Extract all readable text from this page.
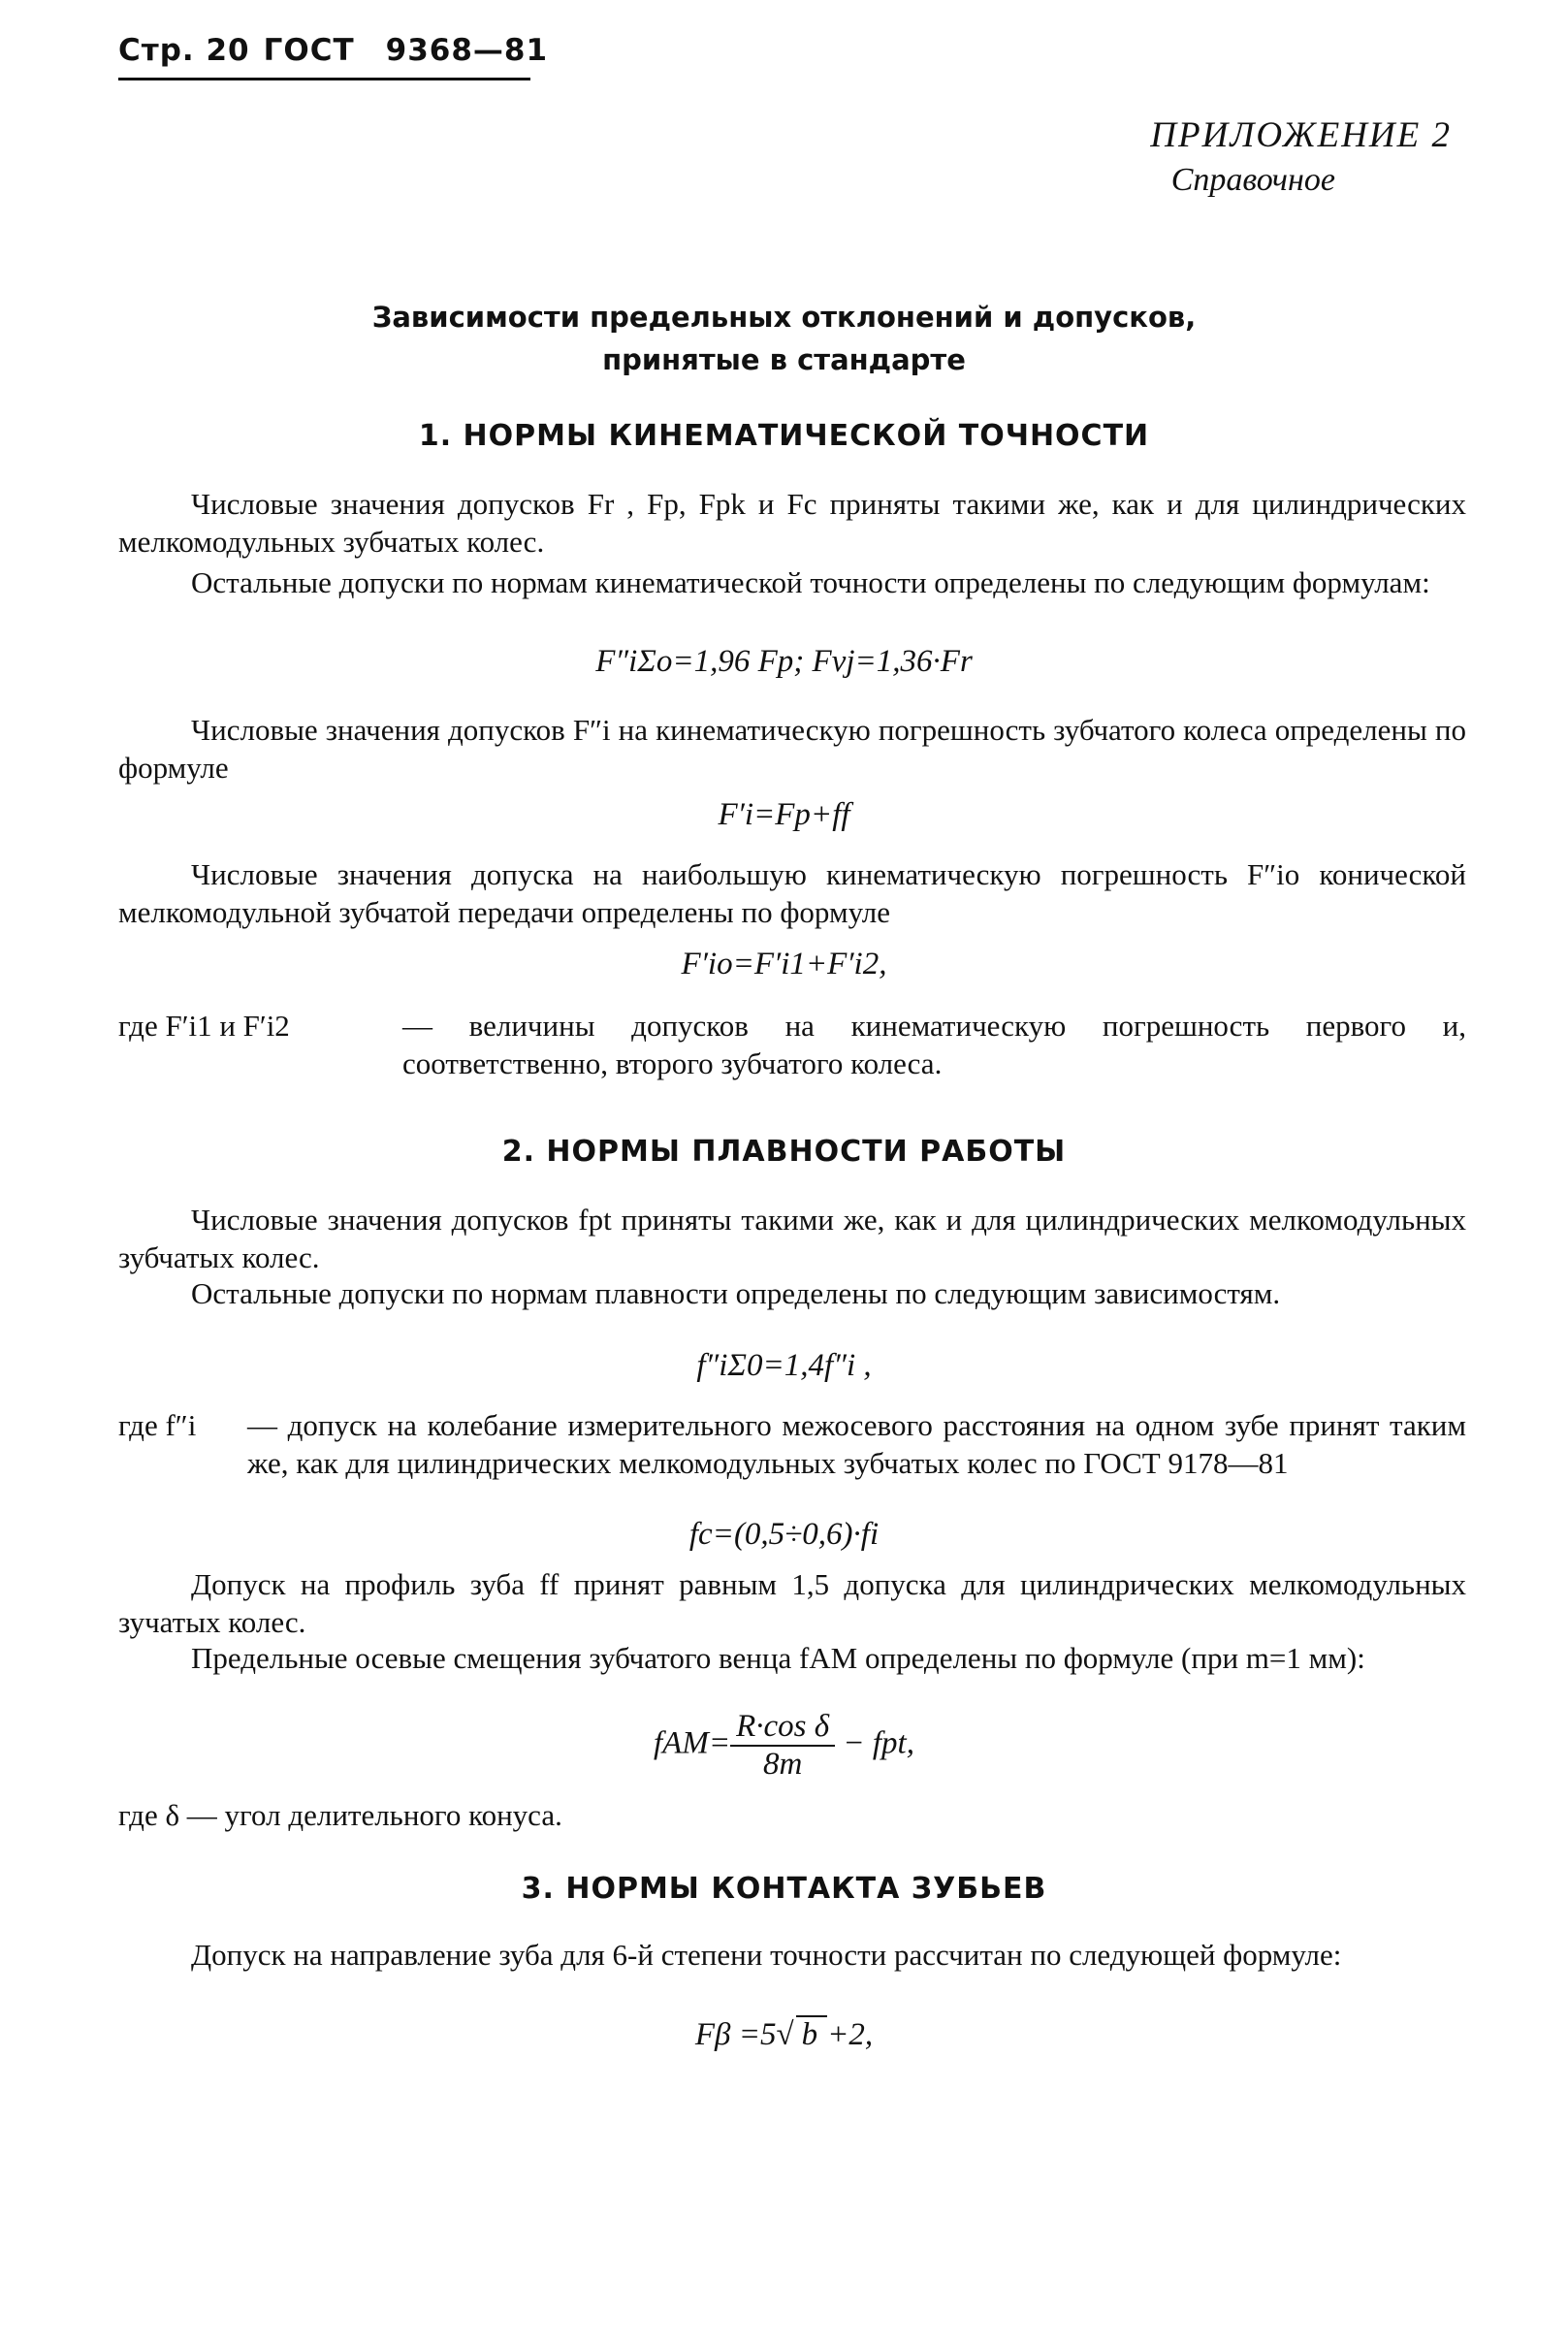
Стр. 20 ГОСТ 9368—81
ПРИЛОЖЕНИЕ 2
Справочное
Зависимости предельных отклонений и допусков,
принятые в стандарте
1. НОРМЫ КИНЕМАТИЧЕСКОЙ ТОЧНОСТИ
Числовые значения допусков Fr , Fp, Fpk и Fc приняты такими же, как и для цилиндрических мелкомодульных зубчатых колес.
Остальные допуски по нормам кинематической точности определены по следующим формулам:
F″iΣo=1,96 Fp; Fvj=1,36·Fr
Числовые значения допусков F″i на кинематическую погрешность зубчатого колеса определены по формуле
F′i=Fp+ff
Числовые значения допуска на наибольшую кинематическую погрешность F″io конической мелкомодульной зубчатой передачи определены по формуле
F′io=F′i1+F′i2,
где F′i1 и F′i2	— величины допусков на кинематическую погрешность первого и, соответственно, второго зубчатого колеса.
2. НОРМЫ ПЛАВНОСТИ РАБОТЫ
Числовые значения допусков fpt приняты такими же, как и для цилиндрических мелкомодульных зубчатых колес.
Остальные допуски по нормам плавности определены по следующим зависимостям.
f″iΣ0=1,4f″i ,
где f″i — допуск на колебание измерительного межосевого расстояния на одном зубе принят таким же, как для цилиндрических мелкомодульных зубчатых колес по ГОСТ 9178—81
fc=(0,5÷0,6)·fi
Допуск на профиль зуба ff принят равным 1,5 допуска для цилиндрических мелкомодульных зучатых колес.
Предельные осевые смещения зубчатого венца fAM определены по формуле (при m=1 мм):
$fAM= \frac{\text{R·cos δ}}{8m}$ − fpt,
где δ — угол делительного конуса.
3. НОРМЫ КОНТАКТА ЗУБЬЕВ
Допуск на направление зуба для 6-й степени точности рассчитан по следующей формуле:
Fβ =5√ b +2,
